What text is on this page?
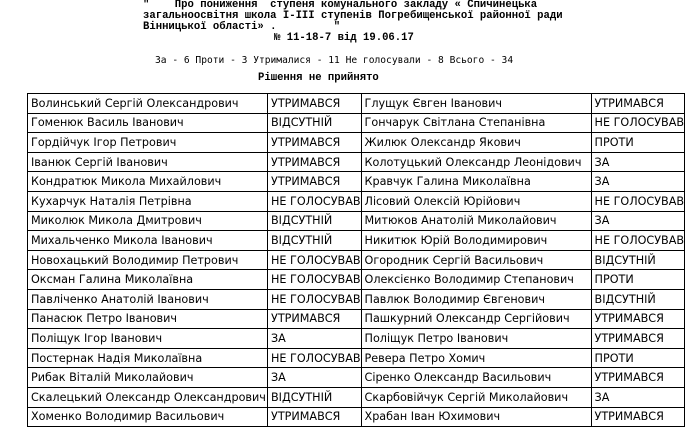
"    Про пониження  ступеня комунального закладу « Спичинецька
загальноосвітня школа I-III ступенів Погребищенської районної ради
Вінницької області» .         "
№ 11-18-7 від 19.06.17
За - 6 Проти - 3 Утрималися - 11 Не голосували - 8 Всього - 34
Рішення не прийнято
Волинський Сергій Олександрович	УТРИМАВСЯ	Глущук Євген Іванович	УТРИМАВСЯ
Гоменюк Василь Іванович	ВІДСУТНІЙ	Гончарук Світлана Степанівна	НЕ ГОЛОСУВАВ
Гордійчук Ігор Петрович	УТРИМАВСЯ	Жилюк Олександр Якович	ПРОТИ
Іванюк Сергій Іванович	УТРИМАВСЯ	Колотуцький Олександр Леонідович	ЗА
Кондратюк Микола Михайлович	УТРИМАВСЯ	Кравчук Галина Миколаївна	ЗА
Кухарчук Наталія Петрівна	НЕ ГОЛОСУВАВ	Лісовий Олексій Юрійович	НЕ ГОЛОСУВАВ
Миколюк Микола Дмитрович	ВІДСУТНІЙ	Митюков Анатолій Миколайович	ЗА
Михальченко Микола Іванович	ВІДСУТНІЙ	Никитюк Юрій Володимирович	НЕ ГОЛОСУВАВ
Новохацький Володимир Петрович	НЕ ГОЛОСУВАВ	Огородник Сергій Васильович	ВІДСУТНІЙ
Оксман Галина Миколаївна	НЕ ГОЛОСУВАВ	Олексієнко Володимир Степанович	ПРОТИ
Павліченко Анатолій Іванович	НЕ ГОЛОСУВАВ	Павлюк Володимир Євгенович	ВІДСУТНІЙ
Панасюк Петро Іванович	УТРИМАВСЯ	Пашкурний Олександр Сергійович	УТРИМАВСЯ
Поліщук Ігор Іванович	ЗА	Поліщук Петро Іванович	УТРИМАВСЯ
Постернак Надія Миколаївна	НЕ ГОЛОСУВАВ	Ревера Петро Хомич	ПРОТИ
Рибак Віталій Миколайович	ЗА	Сіренко Олександр Васильович	УТРИМАВСЯ
Скалецький Олександр Олександрович	ВІДСУТНІЙ	Скарбовійчук Сергій Миколайович	ЗА
Хоменко Володимир Васильович	УТРИМАВСЯ	Храбан Іван Юхимович	УТРИМАВСЯ
